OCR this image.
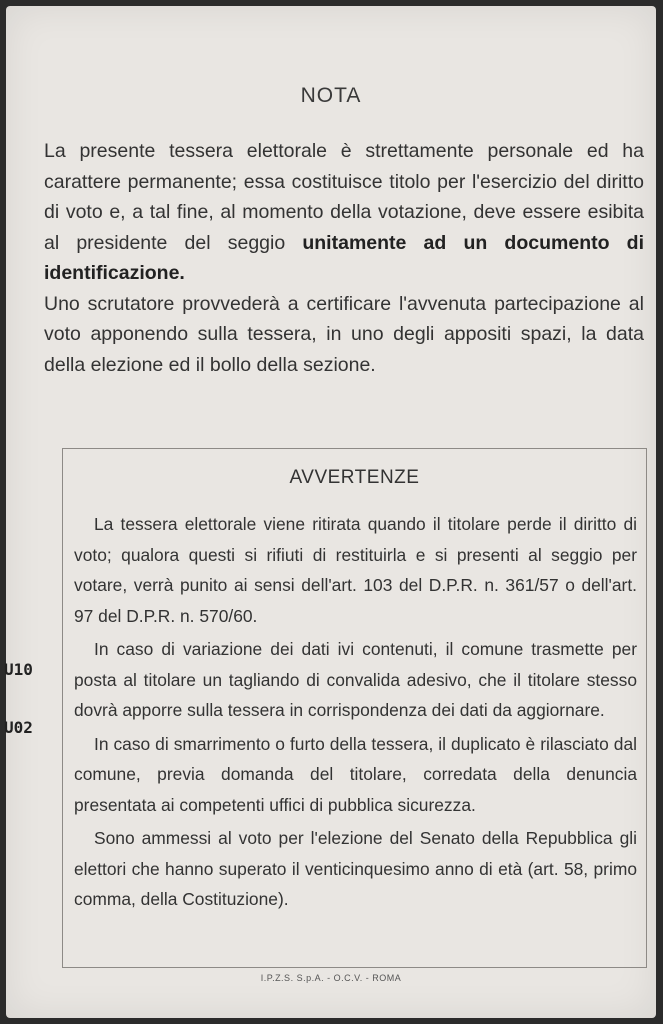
NOTA

La presente tessera elettorale è strettamente personale ed ha carattere permanente; essa costituisce titolo per l'esercizio del diritto di voto e, a tal fine, al momento della votazione, deve essere esibita al presidente del seggio unitamente ad un documento di identificazione.

Uno scrutatore provvederà a certificare l'avvenuta partecipazione al voto apponendo sulla tessera, in uno degli appositi spazi, la data della elezione ed il bollo della sezione.

AVVERTENZE

La tessera elettorale viene ritirata quando il titolare perde il diritto di voto; qualora questi si rifiuti di restituirla e si presenti al seggio per votare, verrà punito ai sensi dell'art. 103 del D.P.R. n. 361/57 o dell'art. 97 del D.P.R. n. 570/60.

In caso di variazione dei dati ivi contenuti, il comune trasmette per posta al titolare un tagliando di convalida adesivo, che il titolare stesso dovrà apporre sulla tessera in corrispondenza dei dati da aggiornare.

In caso di smarrimento o furto della tessera, il duplicato è rilasciato dal comune, previa domanda del titolare, corredata della denuncia presentata ai competenti uffici di pubblica sicurezza.

Sono ammessi al voto per l'elezione del Senato della Repubblica gli elettori che hanno superato il venticinquesimo anno di età (art. 58, primo comma, della Costituzione).

I.P.Z.S. S.p.A. - O.C.V. - ROMA
U10
U02
